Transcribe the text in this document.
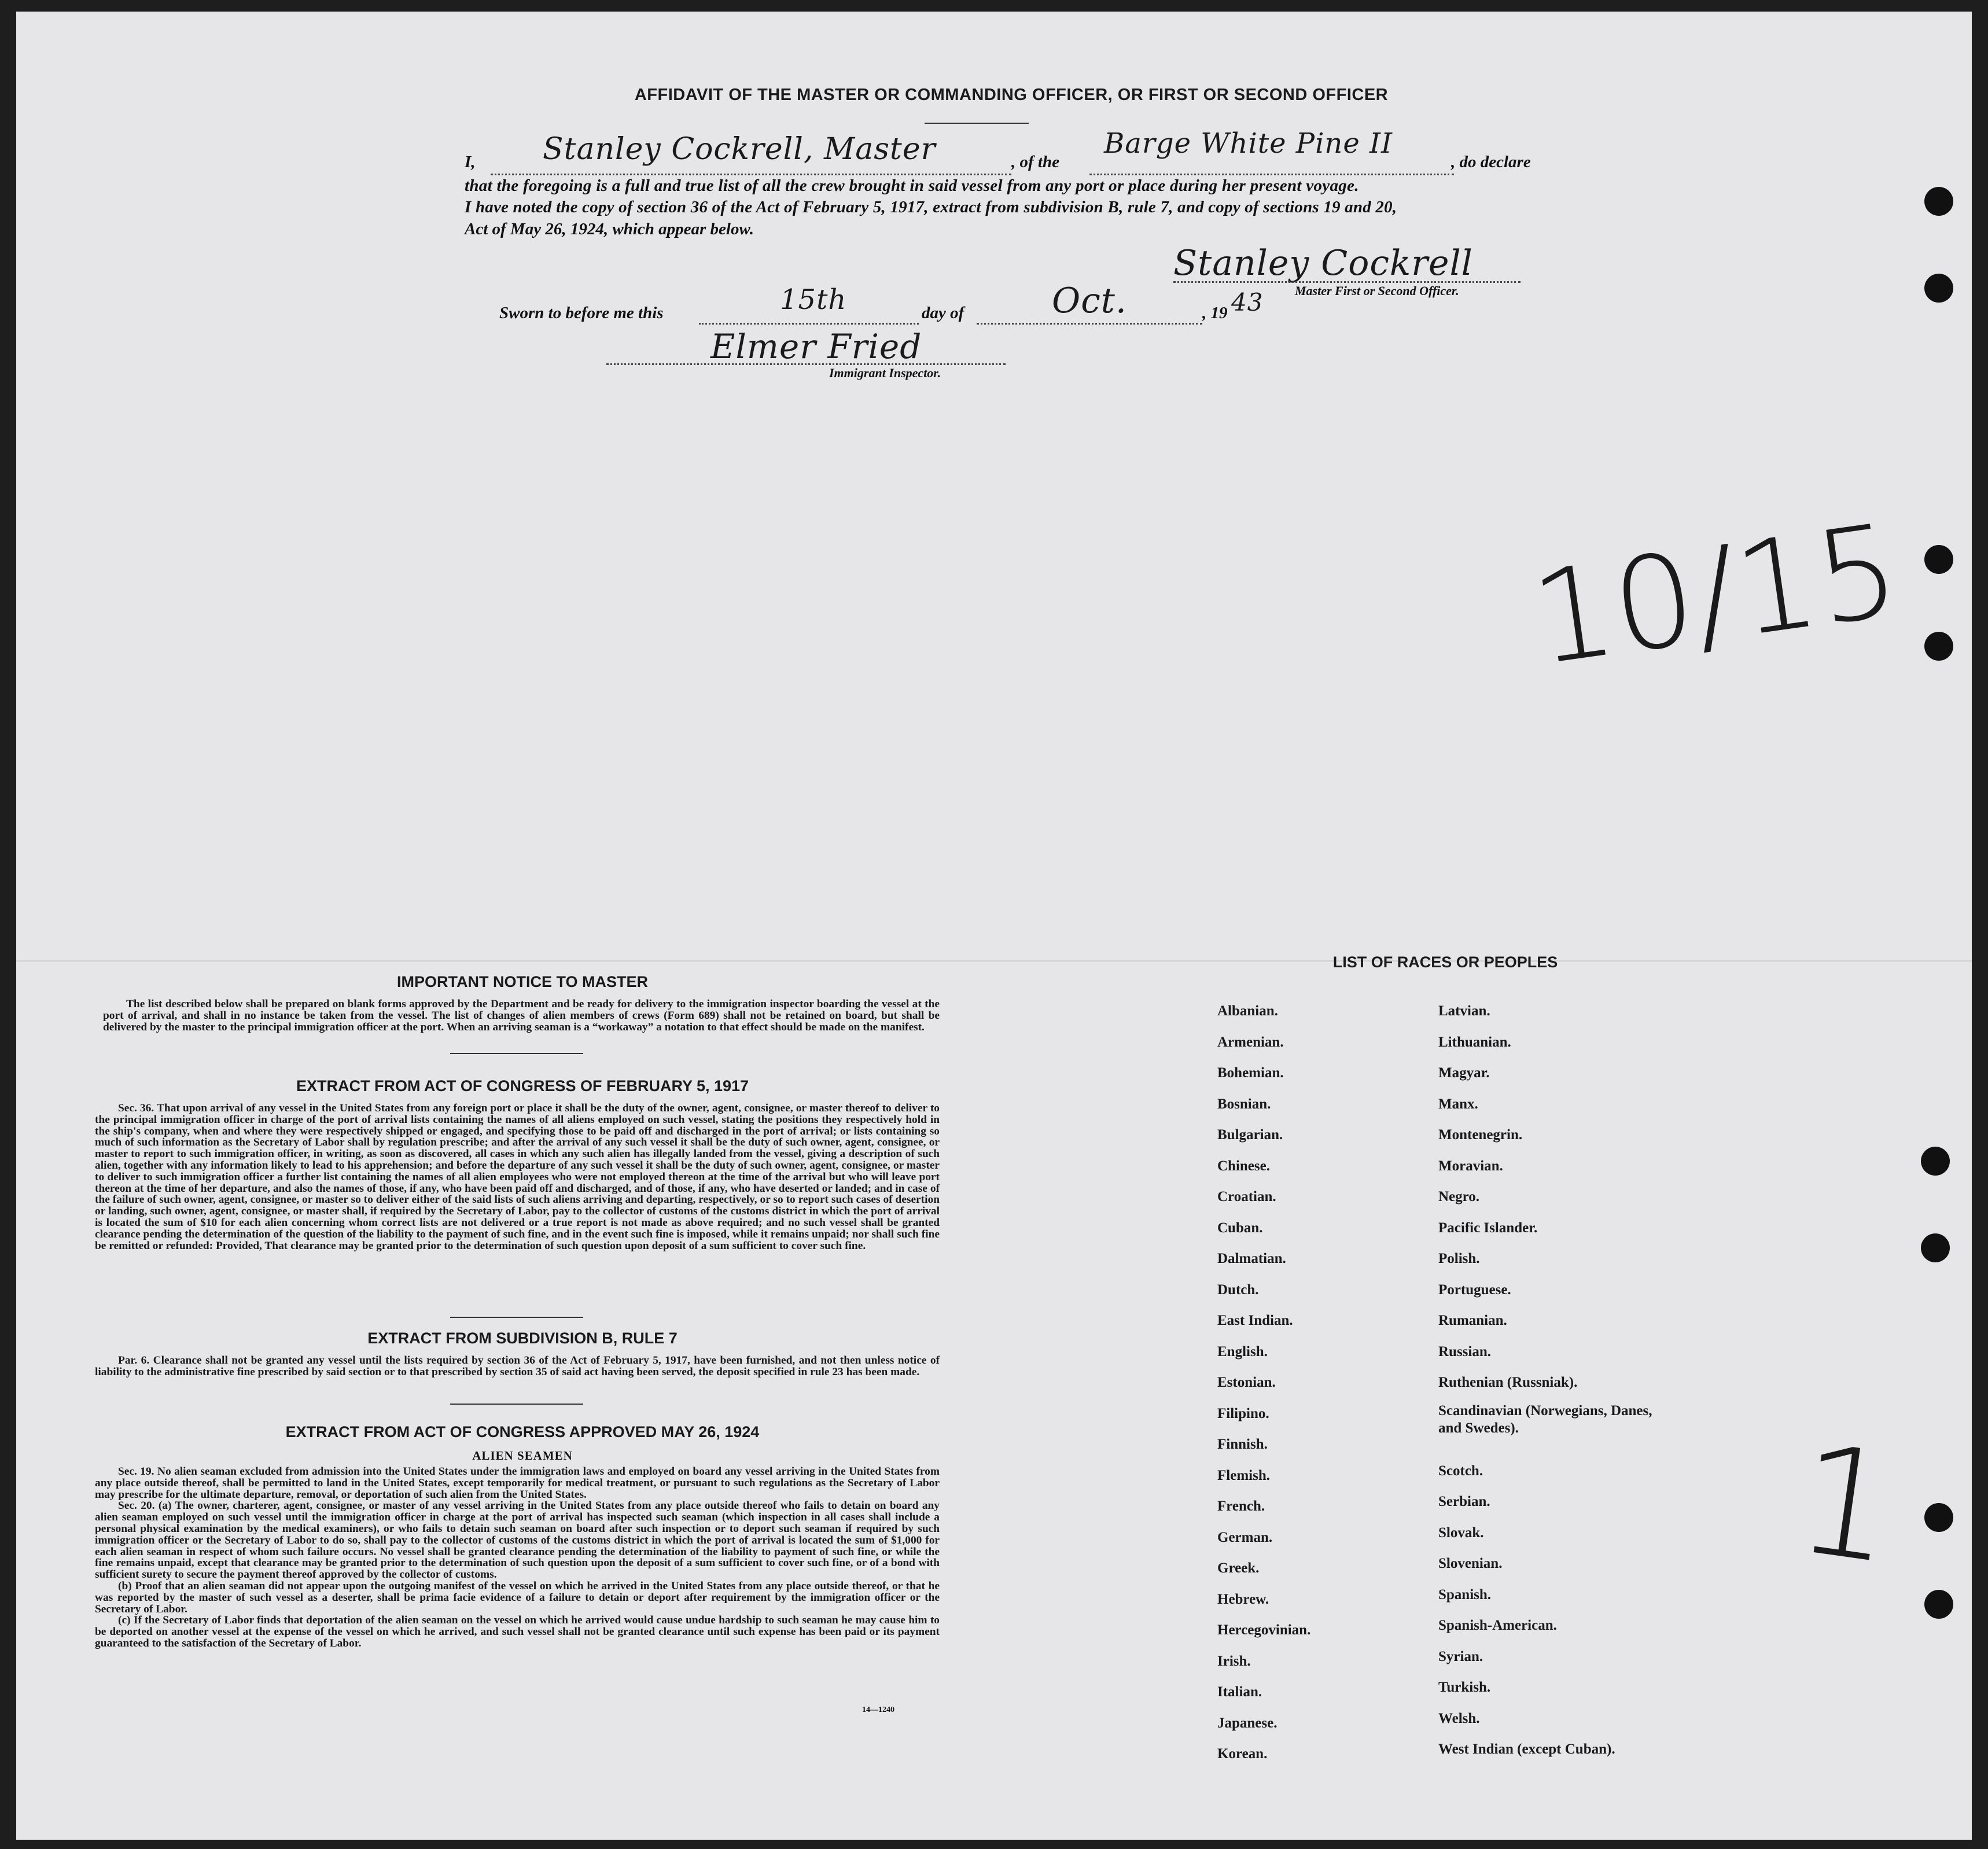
AFFIDAVIT OF THE MASTER OR COMMANDING OFFICER, OR FIRST OR SECOND OFFICER
I, Stanley Cockrell, Master	, of the
Barge White Pine II
, do declare
that the foregoing is a full and true list of all the crew brought in said vessel from any port or place during her present voyage.
I have noted the copy of section 36 of the Act of February 5, 1917, extract from subdivision B, rule 7, and copy of sections 19 and 20,
Act of May 26, 1924, which appear below.
Stanley Cockrell
Master First or Second Officer.
Sworn to before me this	15th	day of	Oct.	, 19 43
Elmer Fried
Immigrant Inspector.
10/15
1
IMPORTANT NOTICE TO MASTER

The list described below shall be prepared on blank forms approved by the Department and be ready for delivery to the immigration inspector boarding the vessel at the port of arrival, and shall in no instance be taken from the vessel. The list of changes of alien members of crews (Form 689) shall not be retained on board, but shall be delivered by the master to the principal immigration officer at the port. When an arriving seaman is a “workaway” a notation to that effect should be made on the manifest.

EXTRACT FROM ACT OF CONGRESS OF FEBRUARY 5, 1917

Sec. 36. That upon arrival of any vessel in the United States from any foreign port or place it shall be the duty of the owner, agent, consignee, or master thereof to deliver to the principal immigration officer in charge of the port of arrival lists containing the names of all aliens employed on such vessel, stating the positions they respectively hold in the ship's company, when and where they were respectively shipped or engaged, and specifying those to be paid off and discharged in the port of arrival; or lists containing so much of such information as the Secretary of Labor shall by regulation prescribe; and after the arrival of any such vessel it shall be the duty of such owner, agent, consignee, or master to report to such immigration officer, in writing, as soon as discovered, all cases in which any such alien has illegally landed from the vessel, giving a description of such alien, together with any information likely to lead to his apprehension; and before the departure of any such vessel it shall be the duty of such owner, agent, consignee, or master to deliver to such immigration officer a further list containing the names of all alien employees who were not employed thereon at the time of the arrival but who will leave port thereon at the time of her departure, and also the names of those, if any, who have been paid off and discharged, and of those, if any, who have deserted or landed; and in case of the failure of such owner, agent, consignee, or master so to deliver either of the said lists of such aliens arriving and departing, respectively, or so to report such cases of desertion or landing, such owner, agent, consignee, or master shall, if required by the Secretary of Labor, pay to the collector of customs of the customs district in which the port of arrival is located the sum of $10 for each alien concerning whom correct lists are not delivered or a true report is not made as above required; and no such vessel shall be granted clearance pending the determination of the question of the liability to the payment of such fine, and in the event such fine is imposed, while it remains unpaid; nor shall such fine be remitted or refunded: Provided, That clearance may be granted prior to the determination of such question upon deposit of a sum sufficient to cover such fine.

EXTRACT FROM SUBDIVISION B, RULE 7

Par. 6. Clearance shall not be granted any vessel until the lists required by section 36 of the Act of February 5, 1917, have been furnished, and not then unless notice of liability to the administrative fine prescribed by said section or to that prescribed by section 35 of said act having been served, the deposit specified in rule 23 has been made.

EXTRACT FROM ACT OF CONGRESS APPROVED MAY 26, 1924
ALIEN SEAMEN

Sec. 19. No alien seaman excluded from admission into the United States under the immigration laws and employed on board any vessel arriving in the United States from any place outside thereof, shall be permitted to land in the United States, except temporarily for medical treatment, or pursuant to such regulations as the Secretary of Labor may prescribe for the ultimate departure, removal, or deportation of such alien from the United States.

Sec. 20. (a) The owner, charterer, agent, consignee, or master of any vessel arriving in the United States from any place outside thereof who fails to detain on board any alien seaman employed on such vessel until the immigration officer in charge at the port of arrival has inspected such seaman (which inspection in all cases shall include a personal physical examination by the medical examiners), or who fails to detain such seaman on board after such inspection or to deport such seaman if required by such immigration officer or the Secretary of Labor to do so, shall pay to the collector of customs of the customs district in which the port of arrival is located the sum of $1,000 for each alien seaman in respect of whom such failure occurs. No vessel shall be granted clearance pending the determination of the liability to payment of such fine, or while the fine remains unpaid, except that clearance may be granted prior to the determination of such question upon the deposit of a sum sufficient to cover such fine, or of a bond with sufficient surety to secure the payment thereof approved by the collector of customs.

(b) Proof that an alien seaman did not appear upon the outgoing manifest of the vessel on which he arrived in the United States from any place outside thereof, or that he was reported by the master of such vessel as a deserter, shall be prima facie evidence of a failure to detain or deport after requirement by the immigration officer or the Secretary of Labor.

(c) If the Secretary of Labor finds that deportation of the alien seaman on the vessel on which he arrived would cause undue hardship to such seaman he may cause him to be deported on another vessel at the expense of the vessel on which he arrived, and such vessel shall not be granted clearance until such expense has been paid or its payment guaranteed to the satisfaction of the Secretary of Labor.

14—1240
LIST OF RACES OR PEOPLES
Albanian.
Armenian.
Bohemian.
Bosnian.
Bulgarian.
Chinese.
Croatian.
Cuban.
Dalmatian.
Dutch.
East Indian.
English.
Estonian.
Filipino.
Finnish.
Flemish.
French.
German.
Greek.
Hebrew.
Hercegovinian.
Irish.
Italian.
Japanese.
Korean.
Latvian.
Lithuanian.
Magyar.
Manx.
Montenegrin.
Moravian.
Negro.
Pacific Islander.
Polish.
Portuguese.
Rumanian.
Russian.
Ruthenian (Russniak).
Scandinavian (Norwegians, Danes, and Swedes).
Scotch.
Serbian.
Slovak.
Slovenian.
Spanish.
Spanish-American.
Syrian.
Turkish.
Welsh.
West Indian (except Cuban).
